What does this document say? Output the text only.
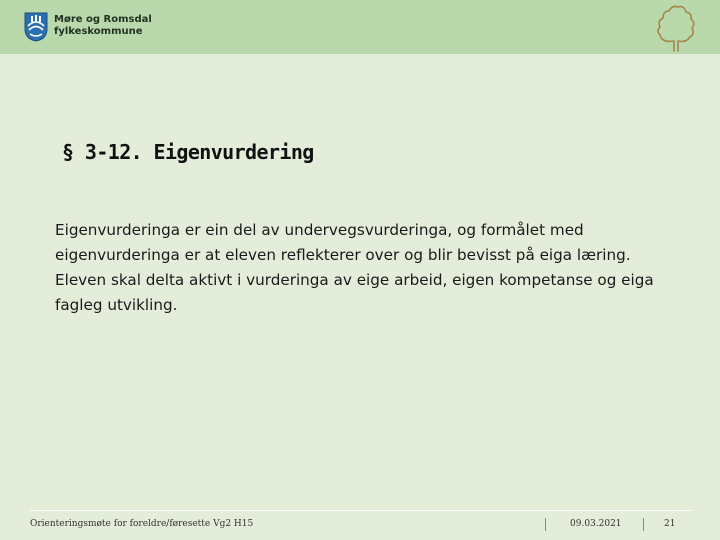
Møre og Romsdal
fylkeskommune
§ 3-12. Eigenvurdering

Eigenvurderinga er ein del av undervegsvurderinga, og formålet med eigenvurderinga er at eleven reflekterer over og blir bevisst på eiga læring. Eleven skal delta aktivt i vurderinga av eige arbeid, eigen kompetanse og eiga fagleg utvikling.

Orienteringsmøte for foreldre/føresette Vg2 H15	09.03.2021	21
